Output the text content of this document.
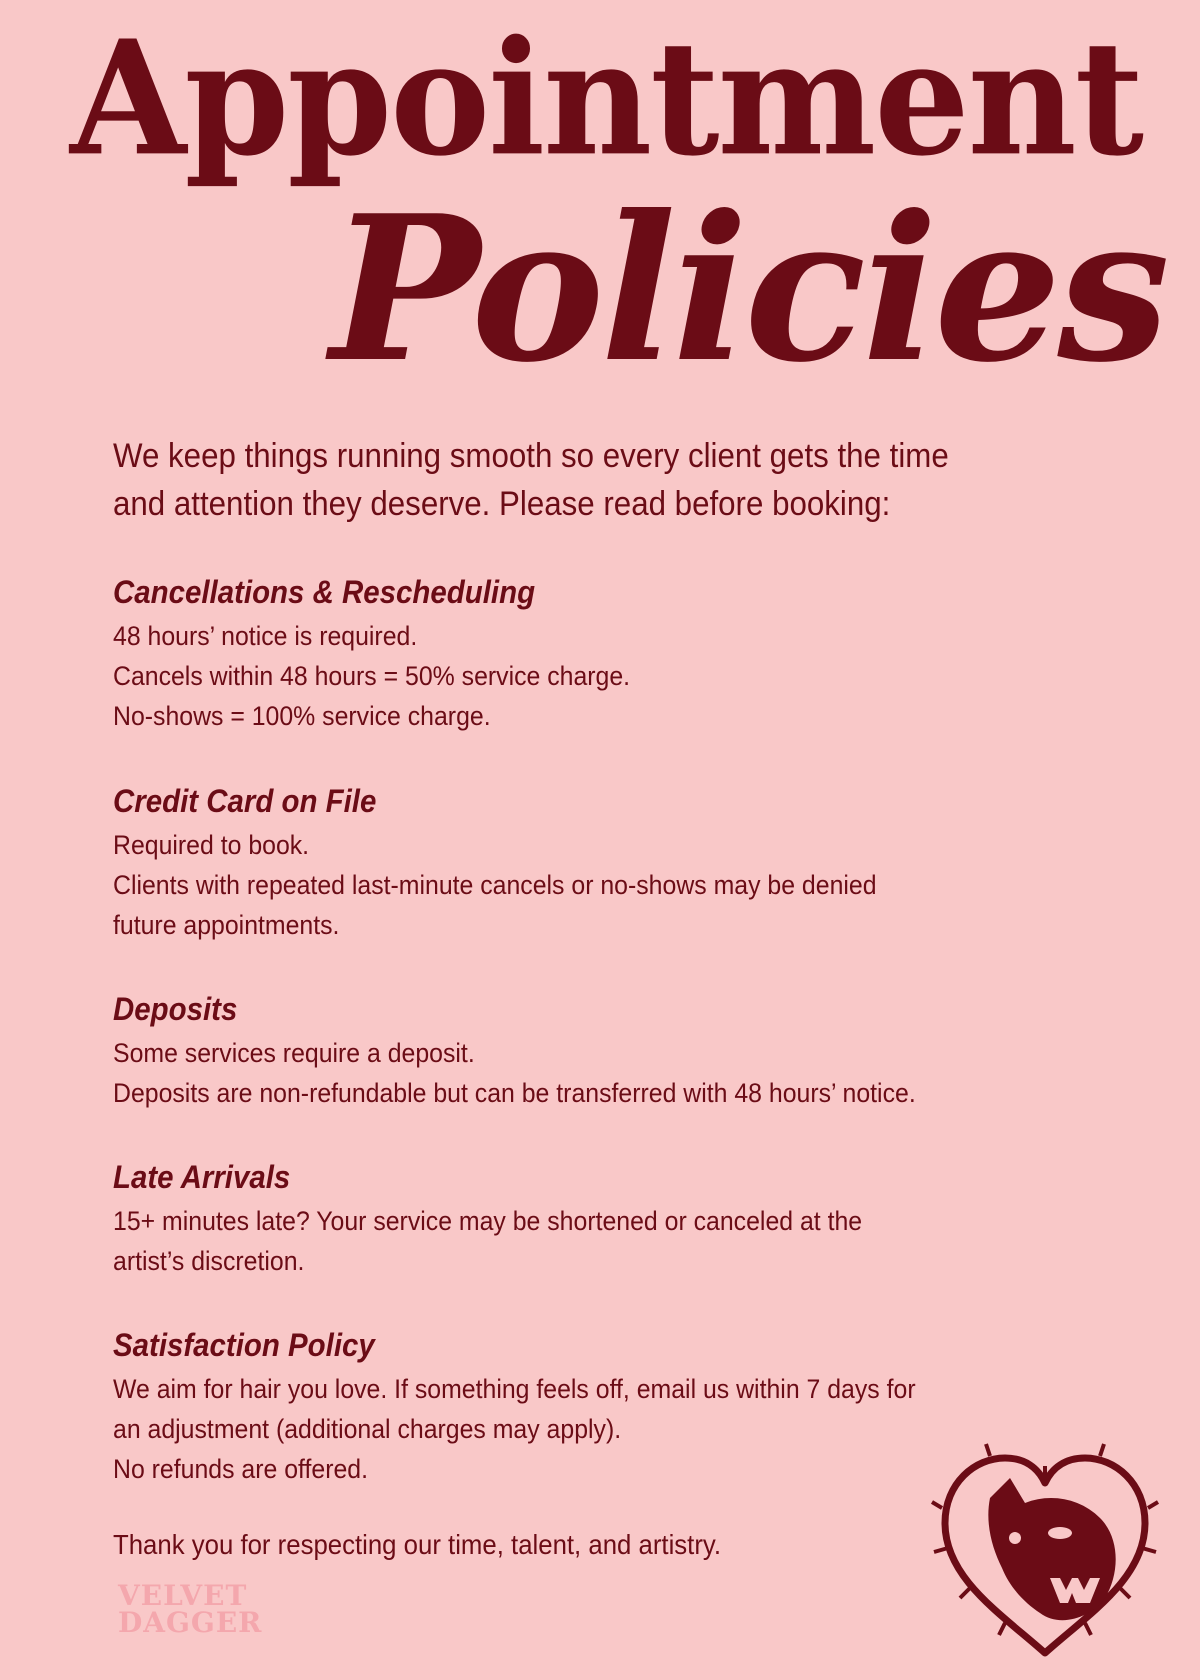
Appointment
Policies

We keep things running smooth so every client gets the time and attention they deserve. Please read before booking:

Cancellations & Rescheduling

48 hours’ notice is required.

Cancels within 48 hours = 50% service charge.

No-shows = 100% service charge.

Credit Card on File

Required to book.

Clients with repeated last-minute cancels or no-shows may be denied

future appointments.

Deposits

Some services require a deposit.

Deposits are non-refundable but can be transferred with 48 hours’ notice.

Late Arrivals

15+ minutes late? Your service may be shortened or canceled at the

artist’s discretion.

Satisfaction Policy

We aim for hair you love. If something feels off, email us within 7 days for

an adjustment (additional charges may apply).

No refunds are offered.

Thank you for respecting our time, talent, and artistry.

VELVET
DAGGER
